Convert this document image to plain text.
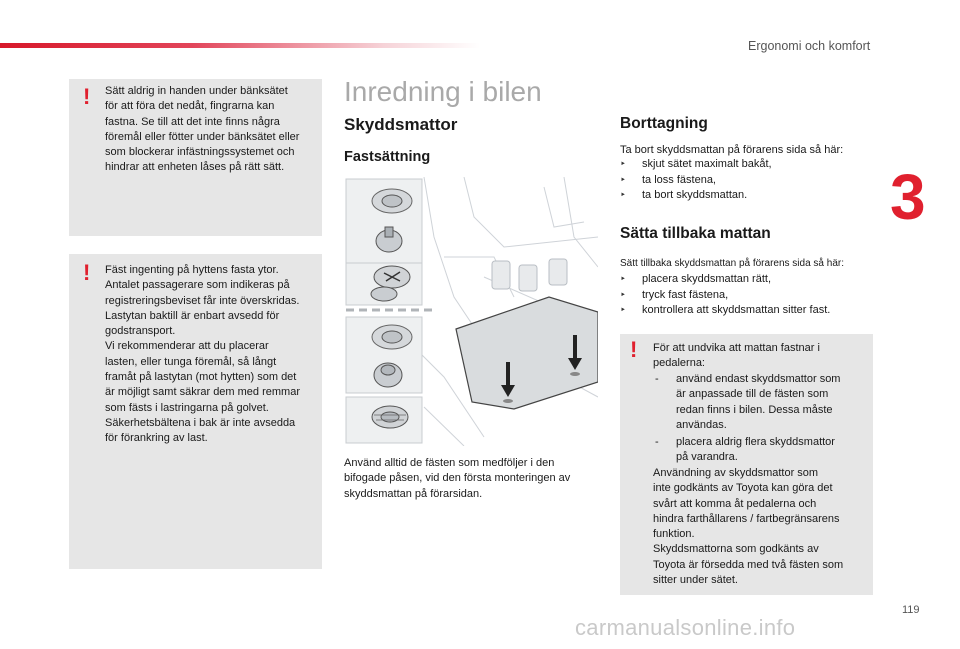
Ergonomi och komfort
3
! Sätt aldrig in handen under bänksätet
för att föra det nedåt, fingrarna kan
fastna. Se till att det inte finns några
föremål eller fötter under bänksätet eller
som blockerar infästningssystemet och
hindrar att enheten låses på rätt sätt.
! Fäst ingenting på hyttens fasta ytor.
Antalet passagerare som indikeras på
registreringsbeviset får inte överskridas.
Lastytan baktill är enbart avsedd för
godstransport.
Vi rekommenderar att du placerar
lasten, eller tunga föremål, så långt
framåt på lastytan (mot hytten) som det
är möjligt samt säkrar dem med remmar
som fästs i lastringarna på golvet.
Säkerhetsbältena i bak är inte avsedda
för förankring av last.
Inredning i bilen
Skyddsmattor
Fastsättning
Använd alltid de fästen som medföljer i den
bifogade påsen, vid den första monteringen av
skyddsmattan på förarsidan.
Borttagning
Ta bort skyddsmattan på förarens sida så här:
‣ skjut sätet maximalt bakåt,
‣ ta loss fästena,
‣ ta bort skyddsmattan.
Sätta tillbaka mattan
Sätt tillbaka skyddsmattan på förarens sida så här:
‣ placera skyddsmattan rätt,
‣ tryck fast fästena,
‣ kontrollera att skyddsmattan sitter fast.
! För att undvika att mattan fastnar i
pedalerna:
- använd endast skyddsmattor som
är anpassade till de fästen som
redan finns i bilen. Dessa måste
användas.
- placera aldrig flera skyddsmattor
på varandra.
Användning av skyddsmattor som
inte godkänts av Toyota kan göra det
svårt att komma åt pedalerna och
hindra farthållarens / fartbegränsarens
funktion.
Skyddsmattorna som godkänts av
Toyota är försedda med två fästen som
sitter under sätet.
119
carmanualsonline.info
